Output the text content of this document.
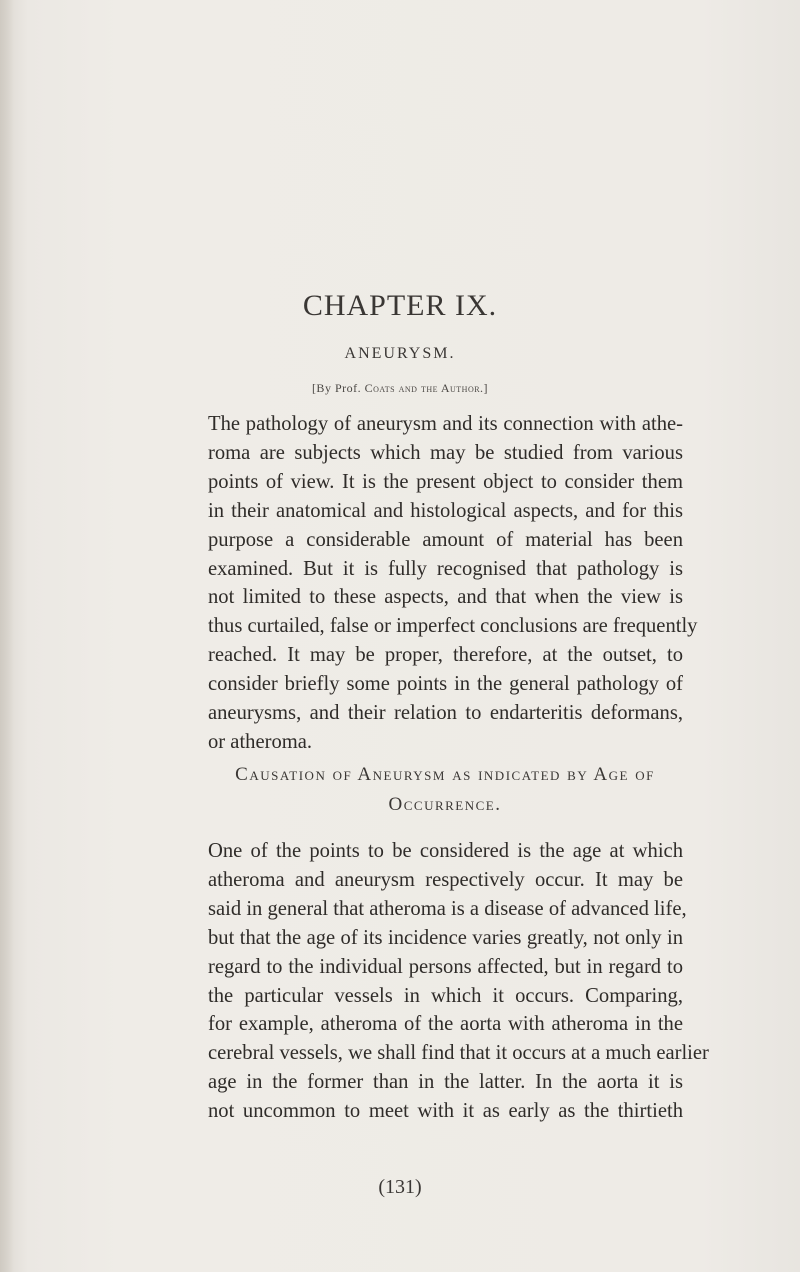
CHAPTER IX.
ANEURYSM.
[By Prof. Coats and the Author.]
The pathology of aneurysm and its connection with athe-
roma are subjects which may be studied from various
points of view. It is the present object to consider them
in their anatomical and histological aspects, and for this
purpose a considerable amount of material has been
examined. But it is fully recognised that pathology is
not limited to these aspects, and that when the view is
thus curtailed, false or imperfect conclusions are frequently
reached. It may be proper, therefore, at the outset, to
consider briefly some points in the general pathology of
aneurysms, and their relation to endarteritis deformans,
or atheroma.
Causation of Aneurysm as indicated by Age of
Occurrence.
One of the points to be considered is the age at which
atheroma and aneurysm respectively occur. It may be
said in general that atheroma is a disease of advanced life,
but that the age of its incidence varies greatly, not only in
regard to the individual persons affected, but in regard to
the particular vessels in which it occurs. Comparing,
for example, atheroma of the aorta with atheroma in the
cerebral vessels, we shall find that it occurs at a much earlier
age in the former than in the latter. In the aorta it is
not uncommon to meet with it as early as the thirtieth
(131)
